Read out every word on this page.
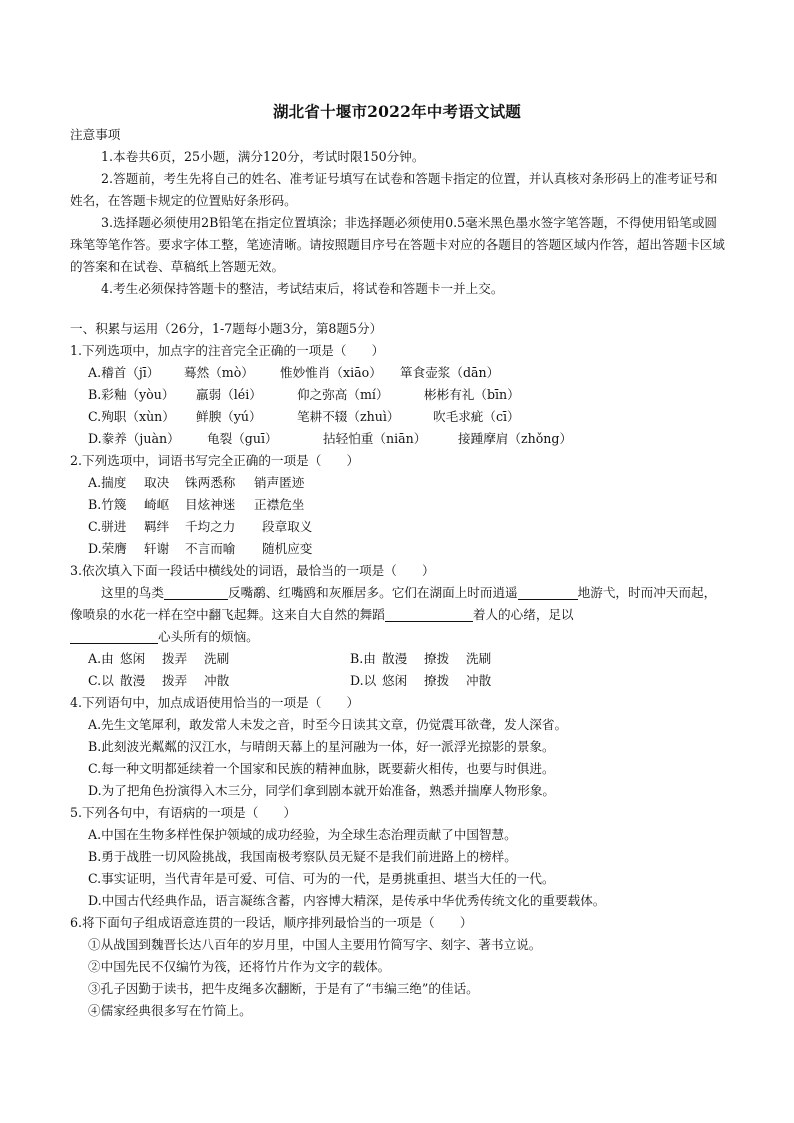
湖北省十堰市2022年中考语文试题

注意事项

1.本卷共6页，25小题，满分120分，考试时限150分钟。

2.答题前，考生先将自己的姓名、准考证号填写在试卷和答题卡指定的位置，并认真核对条形码上的准考证号和姓名，在答题卡规定的位置贴好条形码。

3.选择题必须使用2B铅笔在指定位置填涂；非选择题必须使用0.5毫米黑色墨水签字笔答题，不得使用铅笔或圆珠笔等笔作答。要求字体工整，笔迹清晰。请按照题目序号在答题卡对应的各题目的答题区域内作答，超出答题卡区域的答案和在试卷、草稿纸上答题无效。

4.考生必须保持答题卡的整洁，考试结束后，将试卷和答题卡一并上交。

一、积累与运用（26分，1-7题每小题3分，第8题5分）

1.下列选项中，加点字的注音完全正确的一项是（　　）

A.稽首（jī） 蓦然（mò） 惟妙惟肖（xiāo） 箪食壶浆（dān）
B.彩釉（yòu） 羸弱（léi）	仰之弥高（mí）	彬彬有礼（bīn）
C.殉职（xùn） 鲜腴（yú）	笔耕不辍（zhuì）	吹毛求疵（cī）
D.豢养（juàn） 龟裂（guī）	拈轻怕重（niān）	接踵摩肩（zhǒng）

2.下列选项中，词语书写完全正确的一项是（　　）

A.揣度 取决 铢两悉称 销声匿迹
B.竹篾 崎岖 目炫神迷 正襟危坐
C.骈进 羁绊 千均之力 段章取义
D.荣膺 轩谢 不言而喻 随机应变

3.依次填入下面一段话中横线处的词语，最恰当的一项是（　　）

这里的鸟类	反嘴鹬、红嘴鸥和灰雁居多。它们在湖面上时而逍遥	地游弋，时而冲天而起，像喷泉的水花一样在空中翻飞起舞。这来自大自然的舞蹈	着人的心绪，足以
心头所有的烦恼。

A.由 悠闲 拨弄 洗刷	B.由 散漫 撩拨 洗刷
C.以 散漫 拨弄 冲散	D.以 悠闲 撩拨 冲散

4.下列语句中，加点成语使用恰当的一项是（　　）

A.先生文笔犀利，敢发常人未发之音，时至今日读其文章，仍觉震耳欲聋，发人深省。

B.此刻波光粼粼的汉江水，与晴朗天幕上的星河融为一体，好一派浮光掠影的景象。

C.每一种文明都延续着一个国家和民族的精神血脉，既要薪火相传，也要与时俱进。

D.为了把角色扮演得入木三分，同学们拿到剧本就开始准备，熟悉并揣摩人物形象。

5.下列各句中，有语病的一项是（　　）

A.中国在生物多样性保护领域的成功经验，为全球生态治理贡献了中国智慧。

B.勇于战胜一切风险挑战，我国南极考察队员无疑不是我们前进路上的榜样。

C.事实证明，当代青年是可爱、可信、可为的一代，是勇挑重担、堪当大任的一代。

D.中国古代经典作品，语言凝练含蓄，内容博大精深，是传承中华优秀传统文化的重要载体。

6.将下面句子组成语意连贯的一段话，顺序排列最恰当的一项是（　　）

①从战国到魏晋长达八百年的岁月里，中国人主要用竹简写字、刻字、著书立说。

②中国先民不仅编竹为筏，还将竹片作为文字的载体。

③孔子因勤于读书，把牛皮绳多次翻断，于是有了“韦编三绝”的佳话。

④儒家经典很多写在竹简上。
